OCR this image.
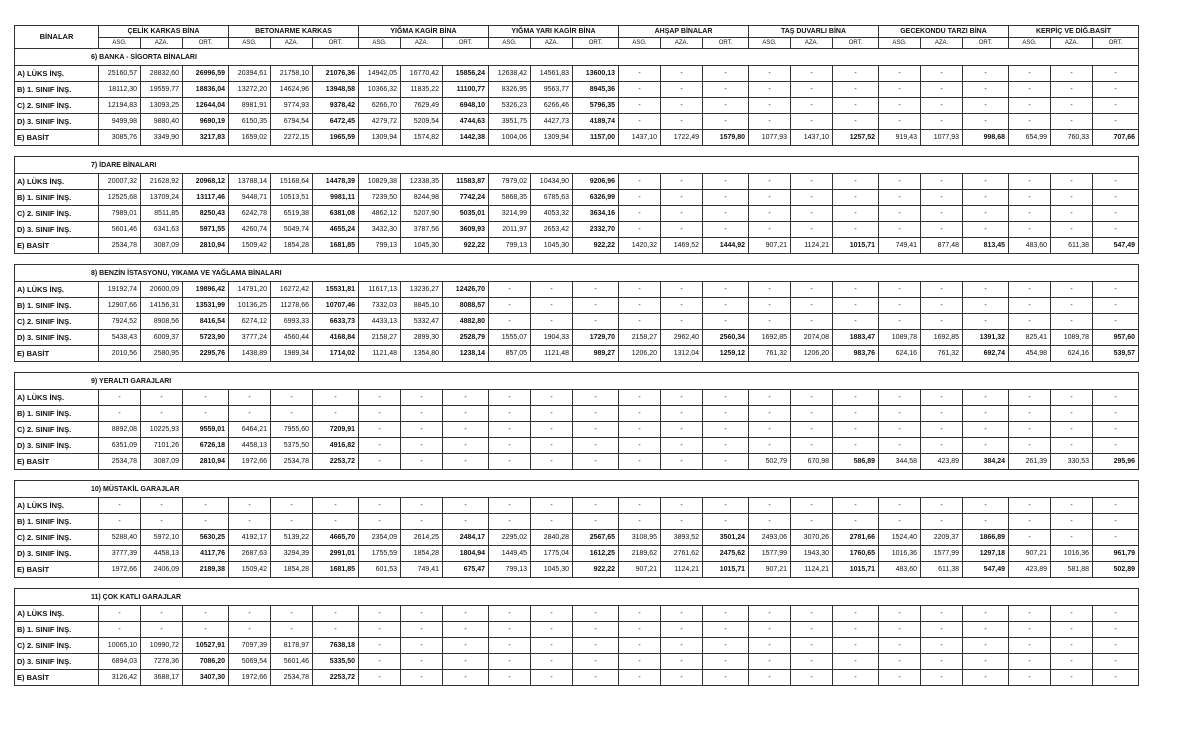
BİNALAR	ÇELİK KARKAS BİNA			BETONARME KARKAS			YIĞMA KAGİR BİNA			YIĞMA YARI KAGİR BİNA			AHŞAP BİNALAR			TAŞ DUVARLI BİNA			GECEKONDU TARZI BİNA			KERPİÇ VE DİĞ.BASİT		
	ASG.	AZA.	ORT.	ASG.	AZA.	ORT.	ASG.	AZA.	ORT.	ASG.	AZA.	ORT.	ASG.	AZA.	ORT.	ASG.	AZA.	ORT.	ASG.	AZA.	ORT.	ASG.	AZA.	ORT.
6) BANKA - SİGORTA BİNALARI																								
A) LÜKS İNŞ.	25160,57	28832,60	26996,59	20394,61	21758,10	21076,36	14942,05	16770,42	15856,24	12638,42	14561,83	13600,13	-	-	-	-	-	-	-	-	-	-	-	-
B) 1. SINIF İNŞ.	18112,30	19559,77	18836,04	13272,20	14624,96	13948,58	10366,32	11835,22	11100,77	8326,95	9563,77	8945,36	-	-	-	-	-	-	-	-	-	-	-	-
C) 2. SINIF İNŞ.	12194,83	13093,25	12644,04	8981,91	9774,93	9378,42	6266,70	7629,49	6948,10	5326,23	6266,46	5796,35	-	-	-	-	-	-	-	-	-	-	-	-
D) 3. SINIF İNŞ.	9499,98	9880,40	9690,19	6150,35	6794,54	6472,45	4279,72	5209,54	4744,63	3951,75	4427,73	4189,74	-	-	-	-	-	-	-	-	-	-	-	-
E) BASİT	3085,76	3349,90	3217,83	1659,02	2272,15	1965,59	1309,94	1574,82	1442,38	1004,06	1309,94	1157,00	1437,10	1722,49	1579,80	1077,93	1437,10	1257,52	919,43	1077,93	998,68	654,99	760,33	707,66

7) İDARE BİNALARI																								
A) LÜKS İNŞ.	20007,32	21628,92	20968,12	13788,14	15168,64	14478,39	10829,38	12338,35	11583,87	7979,02	10434,90	9206,96	-	-	-	-	-	-	-	-	-	-	-	-
B) 1. SINIF İNŞ.	12525,68	13709,24	13117,46	9448,71	10513,51	9981,11	7239,50	8244,98	7742,24	5868,35	6785,63	6326,99	-	-	-	-	-	-	-	-	-	-	-	-
C) 2. SINIF İNŞ.	7989,01	8511,85	8250,43	6242,78	6519,38	6381,08	4862,12	5207,90	5035,01	3214,99	4053,32	3634,16	-	-	-	-	-	-	-	-	-	-	-	-
D) 3. SINIF İNŞ.	5601,46	6341,63	5971,55	4260,74	5049,74	4655,24	3432,30	3787,56	3609,93	2011,97	2653,42	2332,70	-	-	-	-	-	-	-	-	-	-	-	-
E) BASİT	2534,78	3087,09	2810,94	1509,42	1854,28	1681,85	799,13	1045,30	922,22	799,13	1045,30	922,22	1420,32	1469,52	1444,92	907,21	1124,21	1015,71	749,41	877,48	813,45	483,60	611,38	547,49

8) BENZİN İSTASYONU, YIKAMA VE YAĞLAMA BİNALARI																								
A) LÜKS İNŞ.	19192,74	20600,09	19896,42	14791,20	16272,42	15531,81	11617,13	13236,27	12426,70	-	-	-	-	-	-	-	-	-	-	-	-	-	-	-
B) 1. SINIF İNŞ.	12907,66	14156,31	13531,99	10136,25	11278,66	10707,46	7332,03	8845,10	8088,57	-	-	-	-	-	-	-	-	-	-	-	-	-	-	-
C) 2. SINIF İNŞ.	7924,52	8908,56	8416,54	6274,12	6993,33	6633,73	4433,13	5332,47	4882,80	-	-	-	-	-	-	-	-	-	-	-	-	-	-	-
D) 3. SINIF İNŞ.	5438,43	6009,37	5723,90	3777,24	4560,44	4168,84	2158,27	2899,30	2528,79	1555,07	1904,33	1729,70	2158,27	2962,40	2560,34	1692,85	2074,08	1883,47	1089,78	1692,85	1391,32	825,41	1089,78	957,60
E) BASİT	2010,56	2580,95	2295,76	1438,89	1989,34	1714,02	1121,48	1354,80	1238,14	857,05	1121,48	989,27	1206,20	1312,04	1259,12	761,32	1206,20	983,76	624,16	761,32	692,74	454,98	624,16	539,57

9) YERALTI GARAJLARI																								
A) LÜKS İNŞ.	-	-	-	-	-	-	-	-	-	-	-	-	-	-	-	-	-	-	-	-	-	-	-	-
B) 1. SINIF İNŞ.	-	-	-	-	-	-	-	-	-	-	-	-	-	-	-	-	-	-	-	-	-	-	-	-
C) 2. SINIF İNŞ.	8892,08	10225,93	9559,01	6464,21	7955,60	7209,91	-	-	-	-	-	-	-	-	-	-	-	-	-	-	-	-	-	-
D) 3. SINIF İNŞ.	6351,09	7101,26	6726,18	4458,13	5375,50	4916,82	-	-	-	-	-	-	-	-	-	-	-	-	-	-	-	-	-	-
E) BASİT	2534,78	3087,09	2810,94	1972,66	2534,78	2253,72	-	-	-	-	-	-	-	-	-	502,79	670,98	586,89	344,58	423,89	384,24	261,39	330,53	295,96

10) MÜSTAKİL GARAJLAR																								
A) LÜKS İNŞ.	-	-	-	-	-	-	-	-	-	-	-	-	-	-	-	-	-	-	-	-	-	-	-	-
B) 1. SINIF İNŞ.	-	-	-	-	-	-	-	-	-	-	-	-	-	-	-	-	-	-	-	-	-	-	-	-
C) 2. SINIF İNŞ.	5288,40	5972,10	5630,25	4192,17	5139,22	4665,70	2354,09	2614,25	2484,17	2295,02	2840,28	2567,65	3108,95	3893,52	3501,24	2493,06	3070,26	2781,66	1524,40	2209,37	1866,89	-	-	-
D) 3. SINIF İNŞ.	3777,39	4458,13	4117,76	2687,63	3294,39	2991,01	1755,59	1854,28	1804,94	1449,45	1775,04	1612,25	2189,62	2761,62	2475,62	1577,99	1943,30	1760,65	1016,36	1577,99	1297,18	907,21	1016,36	961,79
E) BASİT	1972,66	2406,09	2189,38	1509,42	1854,28	1681,85	601,53	749,41	675,47	799,13	1045,30	922,22	907,21	1124,21	1015,71	907,21	1124,21	1015,71	483,60	611,38	547,49	423,89	581,88	502,89

11) ÇOK KATLI GARAJLAR																								
A) LÜKS İNŞ.	-	-	-	-	-	-	-	-	-	-	-	-	-	-	-	-	-	-	-	-	-	-	-	-
B) 1. SINIF İNŞ.	-	-	-	-	-	-	-	-	-	-	-	-	-	-	-	-	-	-	-	-	-	-	-	-
C) 2. SINIF İNŞ.	10065,10	10990,72	10527,91	7097,39	8178,97	7638,18	-	-	-	-	-	-	-	-	-	-	-	-	-	-	-	-	-	-
D) 3. SINIF İNŞ.	6894,03	7278,36	7086,20	5069,54	5601,46	5335,50	-	-	-	-	-	-	-	-	-	-	-	-	-	-	-	-	-	-
E) BASİT	3126,42	3688,17	3407,30	1972,66	2534,78	2253,72	-	-	-	-	-	-	-	-	-	-	-	-	-	-	-	-	-	-
